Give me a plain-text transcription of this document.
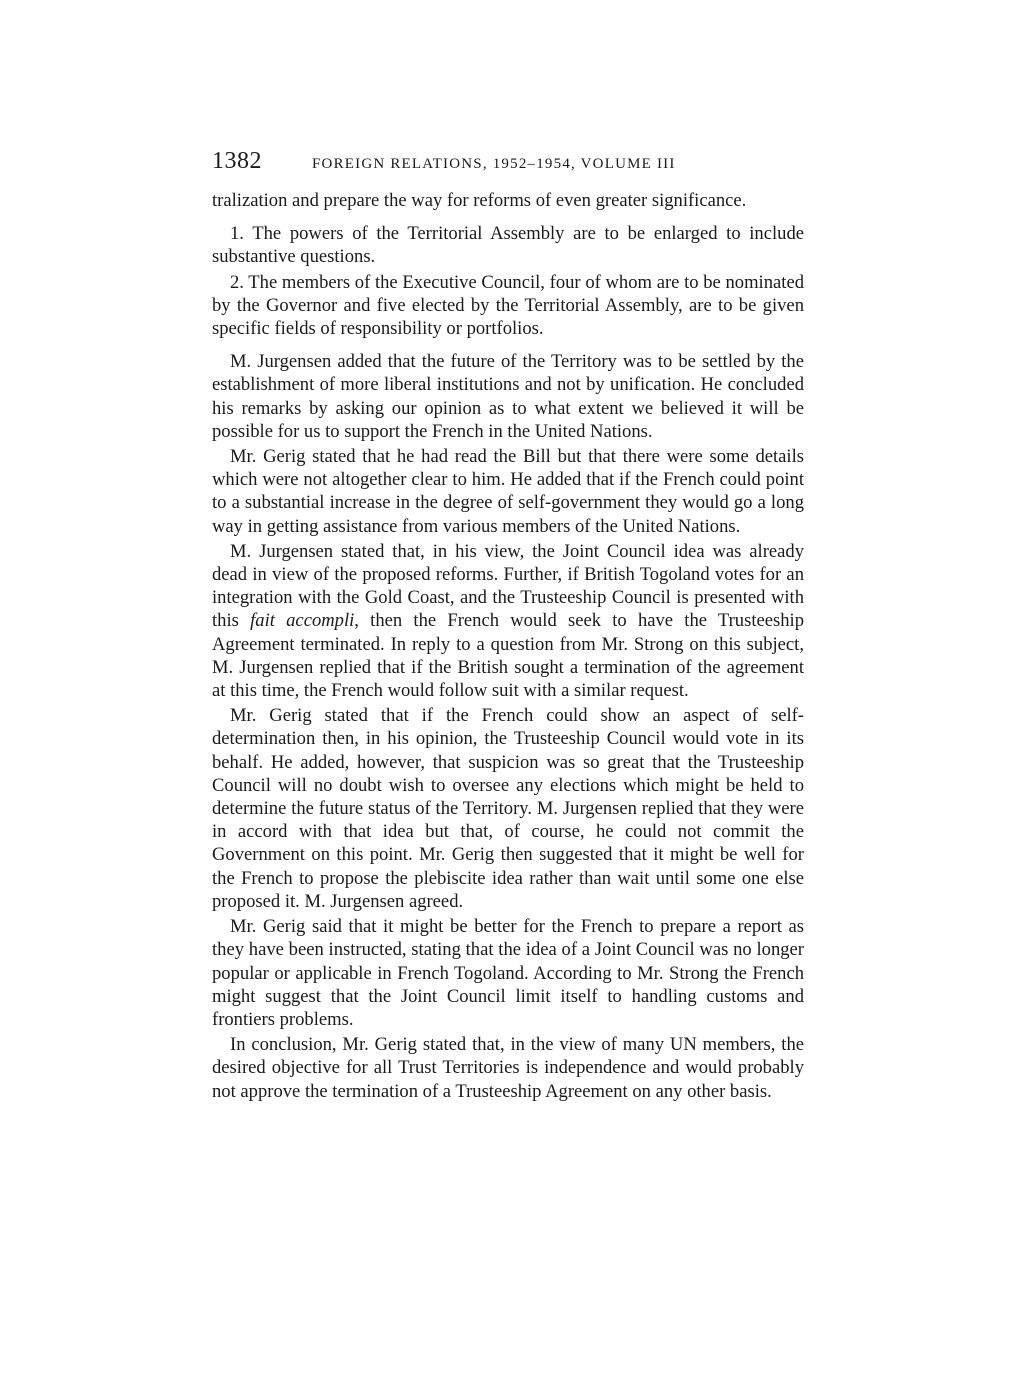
1382	FOREIGN RELATIONS, 1952–1954, VOLUME III

tralization and prepare the way for reforms of even greater significance.

1. The powers of the Territorial Assembly are to be enlarged to include substantive questions.

2. The members of the Executive Council, four of whom are to be nominated by the Governor and five elected by the Territorial Assembly, are to be given specific fields of responsibility or portfolios.

M. Jurgensen added that the future of the Territory was to be settled by the establishment of more liberal institutions and not by unification. He concluded his remarks by asking our opinion as to what extent we believed it will be possible for us to support the French in the United Nations.

Mr. Gerig stated that he had read the Bill but that there were some details which were not altogether clear to him. He added that if the French could point to a substantial increase in the degree of self-government they would go a long way in getting assistance from various members of the United Nations.

M. Jurgensen stated that, in his view, the Joint Council idea was already dead in view of the proposed reforms. Further, if British Togoland votes for an integration with the Gold Coast, and the Trusteeship Council is presented with this fait accompli, then the French would seek to have the Trusteeship Agreement terminated. In reply to a question from Mr. Strong on this subject, M. Jurgensen replied that if the British sought a termination of the agreement at this time, the French would follow suit with a similar request.

Mr. Gerig stated that if the French could show an aspect of self-determination then, in his opinion, the Trusteeship Council would vote in its behalf. He added, however, that suspicion was so great that the Trusteeship Council will no doubt wish to oversee any elections which might be held to determine the future status of the Territory. M. Jurgensen replied that they were in accord with that idea but that, of course, he could not commit the Government on this point. Mr. Gerig then suggested that it might be well for the French to propose the plebiscite idea rather than wait until some one else proposed it. M. Jurgensen agreed.

Mr. Gerig said that it might be better for the French to prepare a report as they have been instructed, stating that the idea of a Joint Council was no longer popular or applicable in French Togoland. According to Mr. Strong the French might suggest that the Joint Council limit itself to handling customs and frontiers problems.

In conclusion, Mr. Gerig stated that, in the view of many UN members, the desired objective for all Trust Territories is independence and would probably not approve the termination of a Trusteeship Agreement on any other basis.
